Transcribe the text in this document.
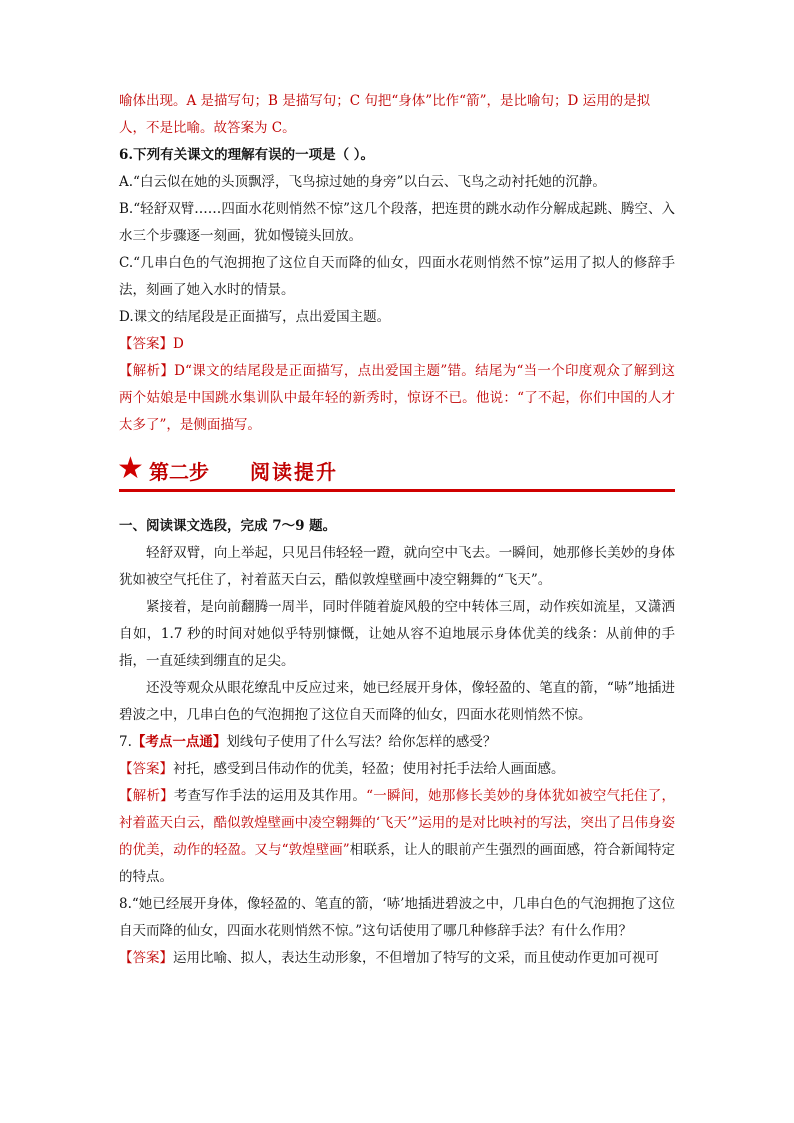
喻体出现。A 是描写句；B 是描写句；C 句把“身体”比作“箭”，是比喻句；D 运用的是拟

人，不是比喻。故答案为 C。

6.下列有关课文的理解有误的一项是（ ）。

A.“白云似在她的头顶飘浮，飞鸟掠过她的身旁”以白云、飞鸟之动衬托她的沉静。

B.“轻舒双臂……四面水花则悄然不惊”这几个段落，把连贯的跳水动作分解成起跳、腾空、入水三个步骤逐一刻画，犹如慢镜头回放。

C.“几串白色的气泡拥抱了这位自天而降的仙女，四面水花则悄然不惊”运用了拟人的修辞手法，刻画了她入水时的情景。

D.课文的结尾段是正面描写，点出爱国主题。

【答案】D

【解析】D“课文的结尾段是正面描写，点出爱国主题”错。结尾为“当一个印度观众了解到这两个姑娘是中国跳水集训队中最年轻的新秀时，惊讶不已。他说：“了不起，你们中国的人才太多了”，是侧面描写。

★ 第二步 阅读提升

一、阅读课文选段，完成 7～9 题。

轻舒双臂，向上举起，只见吕伟轻轻一蹬，就向空中飞去。一瞬间，她那修长美妙的身体犹如被空气托住了，衬着蓝天白云，酷似敦煌壁画中凌空翱舞的“飞天”。

紧接着，是向前翻腾一周半，同时伴随着旋风般的空中转体三周，动作疾如流星，又潇洒自如，1.7 秒的时间对她似乎特别慷慨，让她从容不迫地展示身体优美的线条：从前伸的手指，一直延续到绷直的足尖。

还没等观众从眼花缭乱中反应过来，她已经展开身体，像轻盈的、笔直的箭，“哧”地插进碧波之中，几串白色的气泡拥抱了这位自天而降的仙女，四面水花则悄然不惊。

7.【考点一点通】划线句子使用了什么写法？给你怎样的感受？

【答案】衬托，感受到吕伟动作的优美，轻盈；使用衬托手法给人画面感。

【解析】考查写作手法的运用及其作用。“一瞬间，她那修长美妙的身体犹如被空气托住了，衬着蓝天白云，酷似敦煌壁画中凌空翱舞的‘飞天’”运用的是对比映衬的写法，突出了吕伟身姿的优美，动作的轻盈。又与“敦煌壁画”相联系，让人的眼前产生强烈的画面感，符合新闻特定的特点。

8.“她已经展开身体，像轻盈的、笔直的箭，‘哧’地插进碧波之中，几串白色的气泡拥抱了这位自天而降的仙女，四面水花则悄然不惊。”这句话使用了哪几种修辞手法？有什么作用？

【答案】运用比喻、拟人，表达生动形象，不但增加了特写的文采，而且使动作更加可视可
